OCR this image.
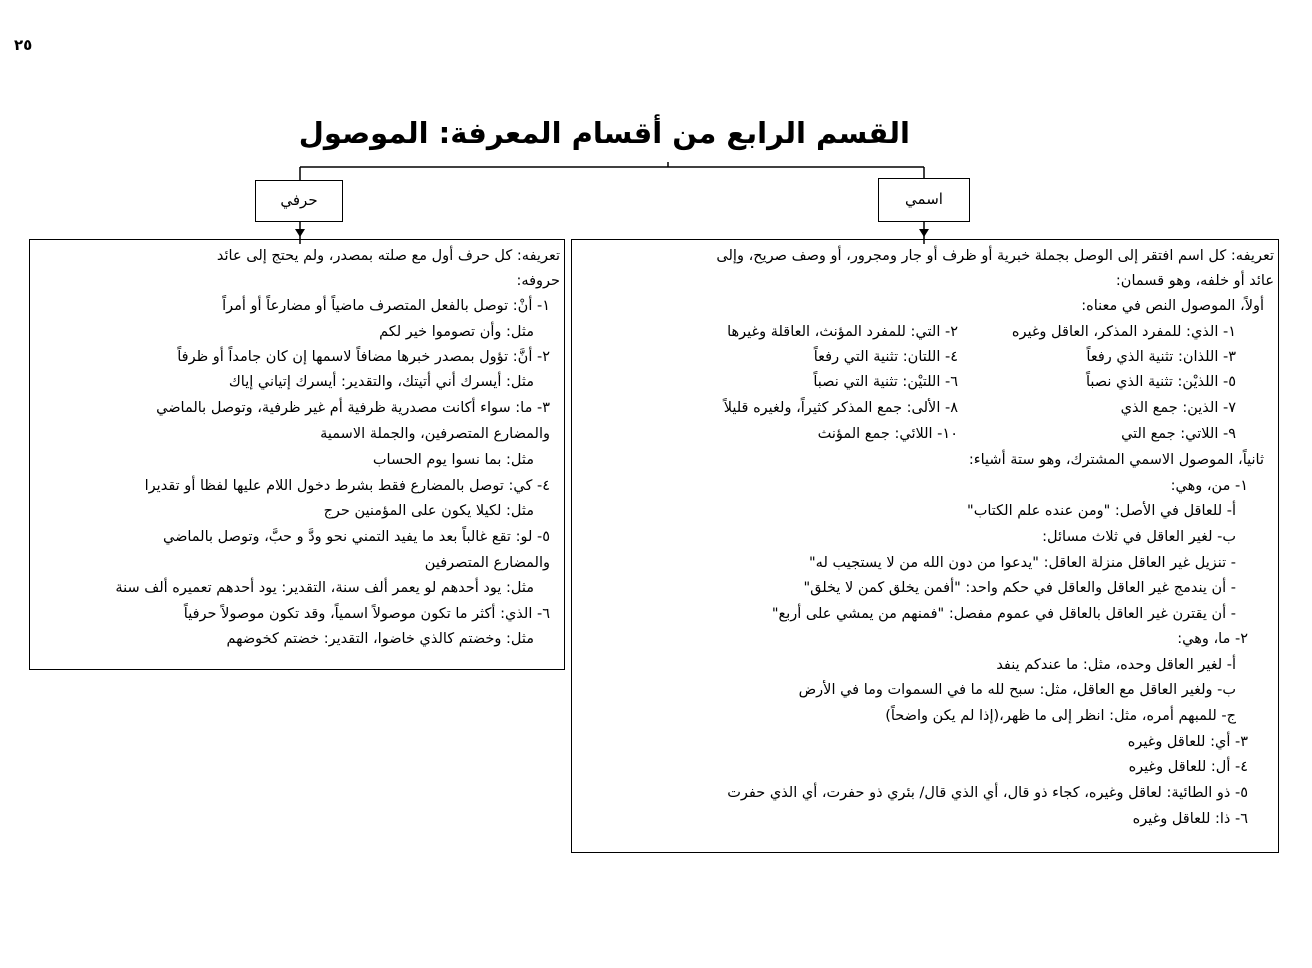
٢٥
القسم الرابع من أقسام المعرفة: الموصول
اسمي
حرفي
تعريفه: كل اسم افتقر إلى الوصل بجملة خبرية أو ظرف أو جار ومجرور، أو وصف صريح، وإلى
عائد أو خلفه، وهو قسمان:
أولاً، الموصول النص في معناه:
١- الذي: للمفرد المذكر، العاقل وغيره
٢- التي: للمفرد المؤنث، العاقلة وغيرها
٣- اللذان: تثنية الذي رفعاً
٤- اللتان: تثنية التي رفعاً
٥- اللذيْن: تثنية الذي نصباً
٦- اللتيْن: تثنية التي نصباً
٧- الذين: جمع الذي
٨- الألى: جمع المذكر كثيراً، ولغيره قليلاً
٩- اللاتي: جمع التي
١٠- اللائي: جمع المؤنث
ثانياً، الموصول الاسمي المشترك، وهو ستة أشياء:
١- من، وهي:
أ- للعاقل في الأصل: "ومن عنده علم الكتاب"
ب- لغير العاقل في ثلاث مسائل:
- تنزيل غير العاقل منزلة العاقل: "يدعوا من دون الله من لا يستجيب له"
- أن يندمج غير العاقل والعاقل في حكم واحد: "أفمن يخلق كمن لا يخلق"
- أن يقترن غير العاقل بالعاقل في عموم مفصل: "فمنهم من يمشي على أربع"
٢- ما، وهي:
أ- لغير العاقل وحده، مثل: ما عندكم ينفد
ب- ولغير العاقل مع العاقل، مثل: سبح لله ما في السموات وما في الأرض
ج- للمبهم أمره، مثل: انظر إلى ما ظهر،(إذا لم يكن واضحاً)
٣- أي: للعاقل وغيره
٤- أل: للعاقل وغيره
٥- ذو الطائية: لعاقل وغيره، كجاء ذو قال، أي الذي قال/ بئري ذو حفرت، أي الذي حفرت
٦- ذا: للعاقل وغيره
تعريفه: كل حرف أول مع صلته بمصدر، ولم يحتج إلى عائد
حروفه:
١- أنْ: توصل بالفعل المتصرف ماضياً أو مضارعاً أو أمراً
مثل: وأن تصوموا خير لكم
٢- أنَّ: تؤول بمصدر خبرها مضافاً لاسمها إن كان جامداً أو ظرفاً
مثل: أيسرك أني أتيتك، والتقدير: أيسرك إتياني إياك
٣- ما: سواء أكانت مصدرية ظرفية أم غير ظرفية، وتوصل بالماضي
والمضارع المتصرفين، والجملة الاسمية
مثل: بما نسوا يوم الحساب
٤- كي: توصل بالمضارع فقط بشرط دخول اللام عليها لفظا أو تقديرا
مثل: لكيلا يكون على المؤمنين حرج
٥- لو: تقع غالباً بعد ما يفيد التمني نحو ودَّ و حبَّ، وتوصل بالماضي
والمضارع المتصرفين
مثل: يود أحدهم لو يعمر ألف سنة، التقدير: يود أحدهم تعميره ألف سنة
٦- الذي: أكثر ما تكون موصولاً اسمياً، وقد تكون موصولاً حرفياً
مثل: وخضتم كالذي خاضوا، التقدير: خضتم كخوضهم
